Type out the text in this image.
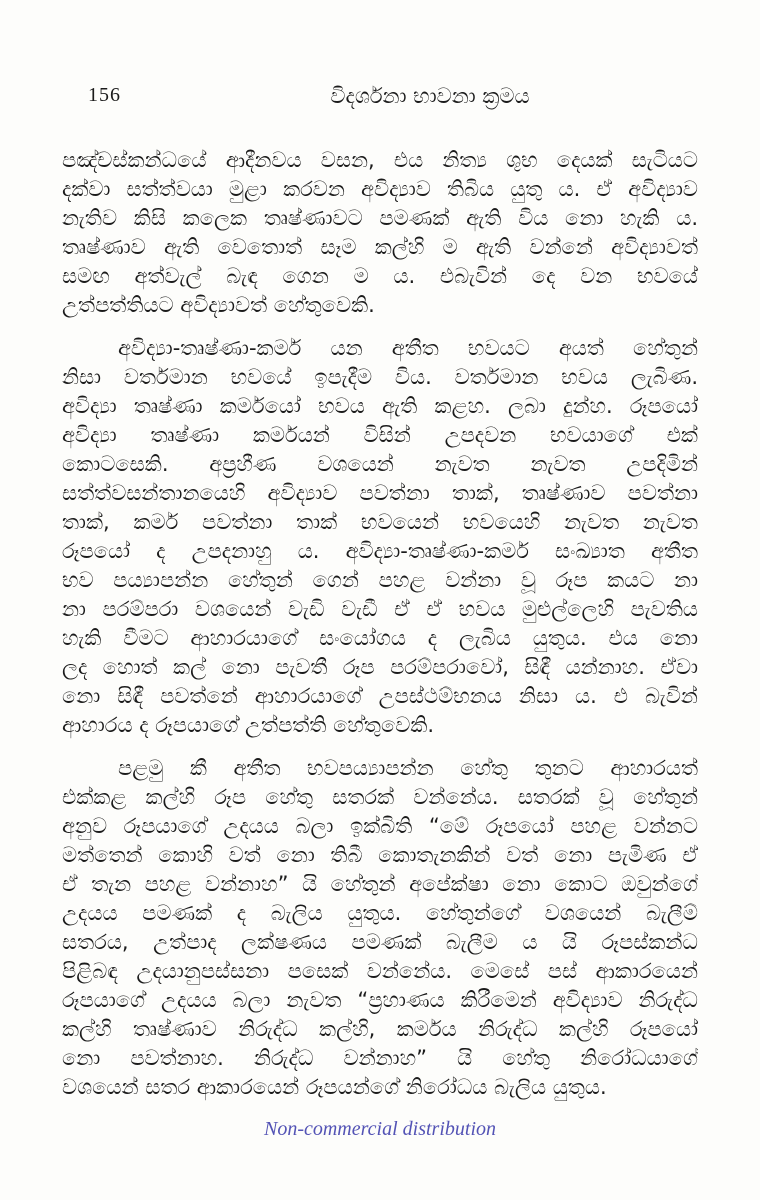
156	විදර්ශනා භාවනා ක්‍රමය
පඤ්චස්කන්ධයේ ආදීනවය වසන, එය නිත්‍ය ශුභ දෙයක් සැටියට
දක්වා සත්ත්වයා මුළා කරවන අවිද්‍යාව තිබිය යුතු ය. ඒ අවිද්‍යාව
නැතිව කිසි කලෙක තෘෂ්ණාවට පමණක් ඇති විය නො හැකි ය.
තෘෂ්ණාව ඇති වෙතොත් සෑම කල්හි ම ඇති වන්නේ අවිද්‍යාවත්
සමඟ අත්වැල් බැඳ ගෙන ම ය. එබැවින් දෙ වන භවයේ
උත්පත්තියට අවිද්‍යාවත් හේතුවෙකි.
අවිද්‍යා-තෘෂ්ණා-කර්ම යන අතීත භවයට අයත් හේතුන්
නිසා වර්තමාන භවයේ ඉපැදීම විය. වර්තමාන භවය ලැබිණ.
අවිද්‍යා තෘෂ්ණා කර්මයෝ භවය ඇති කළහ. ලබා දුන්හ. රූපයෝ
අවිද්‍යා තෘෂ්ණා කර්මයන් විසින් උපදවන භවයාගේ එක්
කොටසෙකි. අප්‍රහීණ වශයෙන් නැවත නැවත උපදිමින්
සත්ත්වසන්තානයෙහි අවිද්‍යාව පවත්නා තාක්, තෘෂ්ණාව පවත්නා
තාක්, කර්ම පවත්නා තාක් භවයෙන් භවයෙහි නැවත නැවත
රූපයෝ ද උපදනාහු ය. අවිද්‍යා-තෘෂ්ණා-කර්ම සංඛ්‍යාත අතීත
භව පය්‍යාපන්න හේතුන් ගෙන් පහළ වන්නා වූ රූප කයට නා
නා පරම්පරා වශයෙන් වැඩි වැඩී ඒ ඒ භවය මුළුල්ලෙහි පැවතිය
හැකි වීමට ආහාරයාගේ සංයෝගය ද ලැබිය යුතුය. එය නො
ලද හොත් කල් නො පැවතී රූප පරම්පරාවෝ, සිඳී යන්නාහ. ඒවා
නො සිඳී පවත්නේ ආහාරයාගේ උපස්ථම්භනය නිසා ය. එ බැවින්
ආහාරය ද රූපයාගේ උත්පත්ති හේතුවෙකි.
පළමු කී අතීත භවපය්‍යාපන්න හේතු තුනට ආහාරයත්
එක්කළ කල්හි රූප හේතු සතරක් වන්නේය. සතරක් වූ හේතුන්
අනුව රූපයාගේ උදයය බලා ඉක්බිති “මේ රූපයෝ පහළ වන්නට
මත්තෙන් කොහි වත් නො තිබී කොතැනකින් වත් නො පැමිණ ඒ
ඒ තැන පහළ වන්නාහ” යි හේතුන් අපේක්ෂා නො කොට ඔවුන්ගේ
උදයය පමණක් ද බැලිය යුතුය. හේතුන්ගේ වශයෙන් බැලීම්
සතරය, උත්පාද ලක්ෂණය පමණක් බැලීම ය යි රූපස්කන්ධ
පිළිබඳ උදයානුපස්සනා පසෙක් වන්නේය. මෙසේ පස් ආකාරයෙන්
රූපයාගේ උදයය බලා නැවත “ප්‍රහාණය කිරීමෙන් අවිද්‍යාව නිරුද්ධ
කල්හි තෘෂ්ණාව නිරුද්ධ කල්හි, කර්මය නිරුද්ධ කල්හි රූපයෝ
නො පවත්නාහ. නිරුද්ධ වන්නාහ” යි හේතු නිරෝධයාගේ
වශයෙන් සතර ආකාරයෙන් රූපයන්ගේ නිරෝධය බැලිය යුතුය.
Non-commercial distribution
